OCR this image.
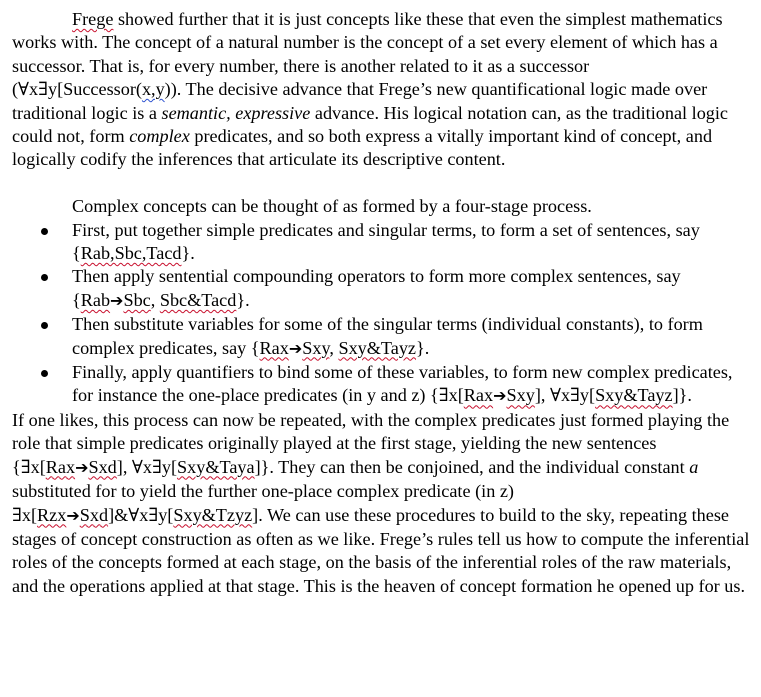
Frege showed further that it is just concepts like these that even the simplest mathematics works with. The concept of a natural number is the concept of a set every element of which has a successor. That is, for every number, there is another related to it as a successor (∀x∃y[Successor(x,y)). The decisive advance that Frege’s new quantificational logic made over traditional logic is a semantic, expressive advance. His logical notation can, as the traditional logic could not, form complex predicates, and so both express a vitally important kind of concept, and logically codify the inferences that articulate its descriptive content.

Complex concepts can be thought of as formed by a four-stage process.

First, put together simple predicates and singular terms, to form a set of sentences, say {Rab,Sbc,Tacd}.
Then apply sentential compounding operators to form more complex sentences, say {Rab➔Sbc, Sbc&Tacd}.
Then substitute variables for some of the singular terms (individual constants), to form complex predicates, say {Rax➔Sxy, Sxy&Tayz}.
Finally, apply quantifiers to bind some of these variables, to form new complex predicates, for instance the one-place predicates (in y and z) {∃x[Rax➔Sxy], ∀x∃y[Sxy&Tayz]}.

If one likes, this process can now be repeated, with the complex predicates just formed playing the role that simple predicates originally played at the first stage, yielding the new sentences {∃x[Rax➔Sxd], ∀x∃y[Sxy&Taya]}. They can then be conjoined, and the individual constant a substituted for to yield the further one-place complex predicate (in z) ∃x[Rzx➔Sxd]&∀x∃y[Sxy&Tzyz]. We can use these procedures to build to the sky, repeating these stages of concept construction as often as we like. Frege’s rules tell us how to compute the inferential roles of the concepts formed at each stage, on the basis of the inferential roles of the raw materials, and the operations applied at that stage. This is the heaven of concept formation he opened up for us.
